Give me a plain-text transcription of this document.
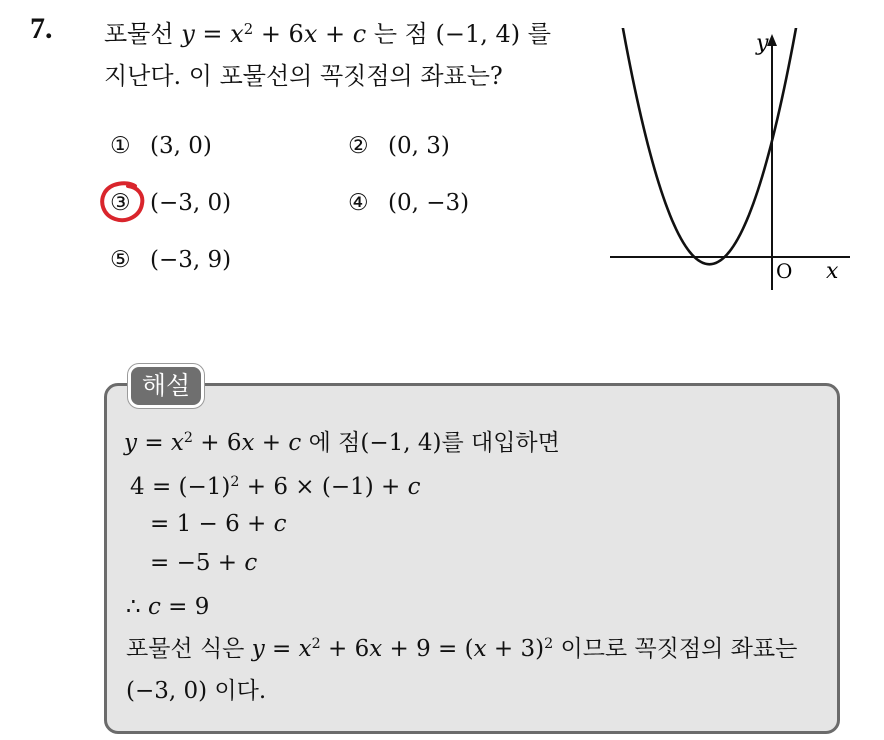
7. 포물선 $y = x^2 + 6x + c$ 는 점 (−1, 4) 를
지난다. 이 포물선의 꼭짓점의 좌표는?
① (3, 0)	② (0, 3)
③ (−3, 0)	④ (0, −3)
⑤ (−3, 9)
y
x
O
해설
$y = x^2 + 6x + c$ 에 점(−1, 4)를 대입하면
$4 = (-1)^2 + 6 \times (-1) + c$
= 1 − 6 + c
= −5 + c
∴ c = 9
포물선 식은 $y = x^2 + 6x + 9 = (x + 3)^2$ 이므로 꼭짓점의 좌표는
(−3, 0) 이다.
